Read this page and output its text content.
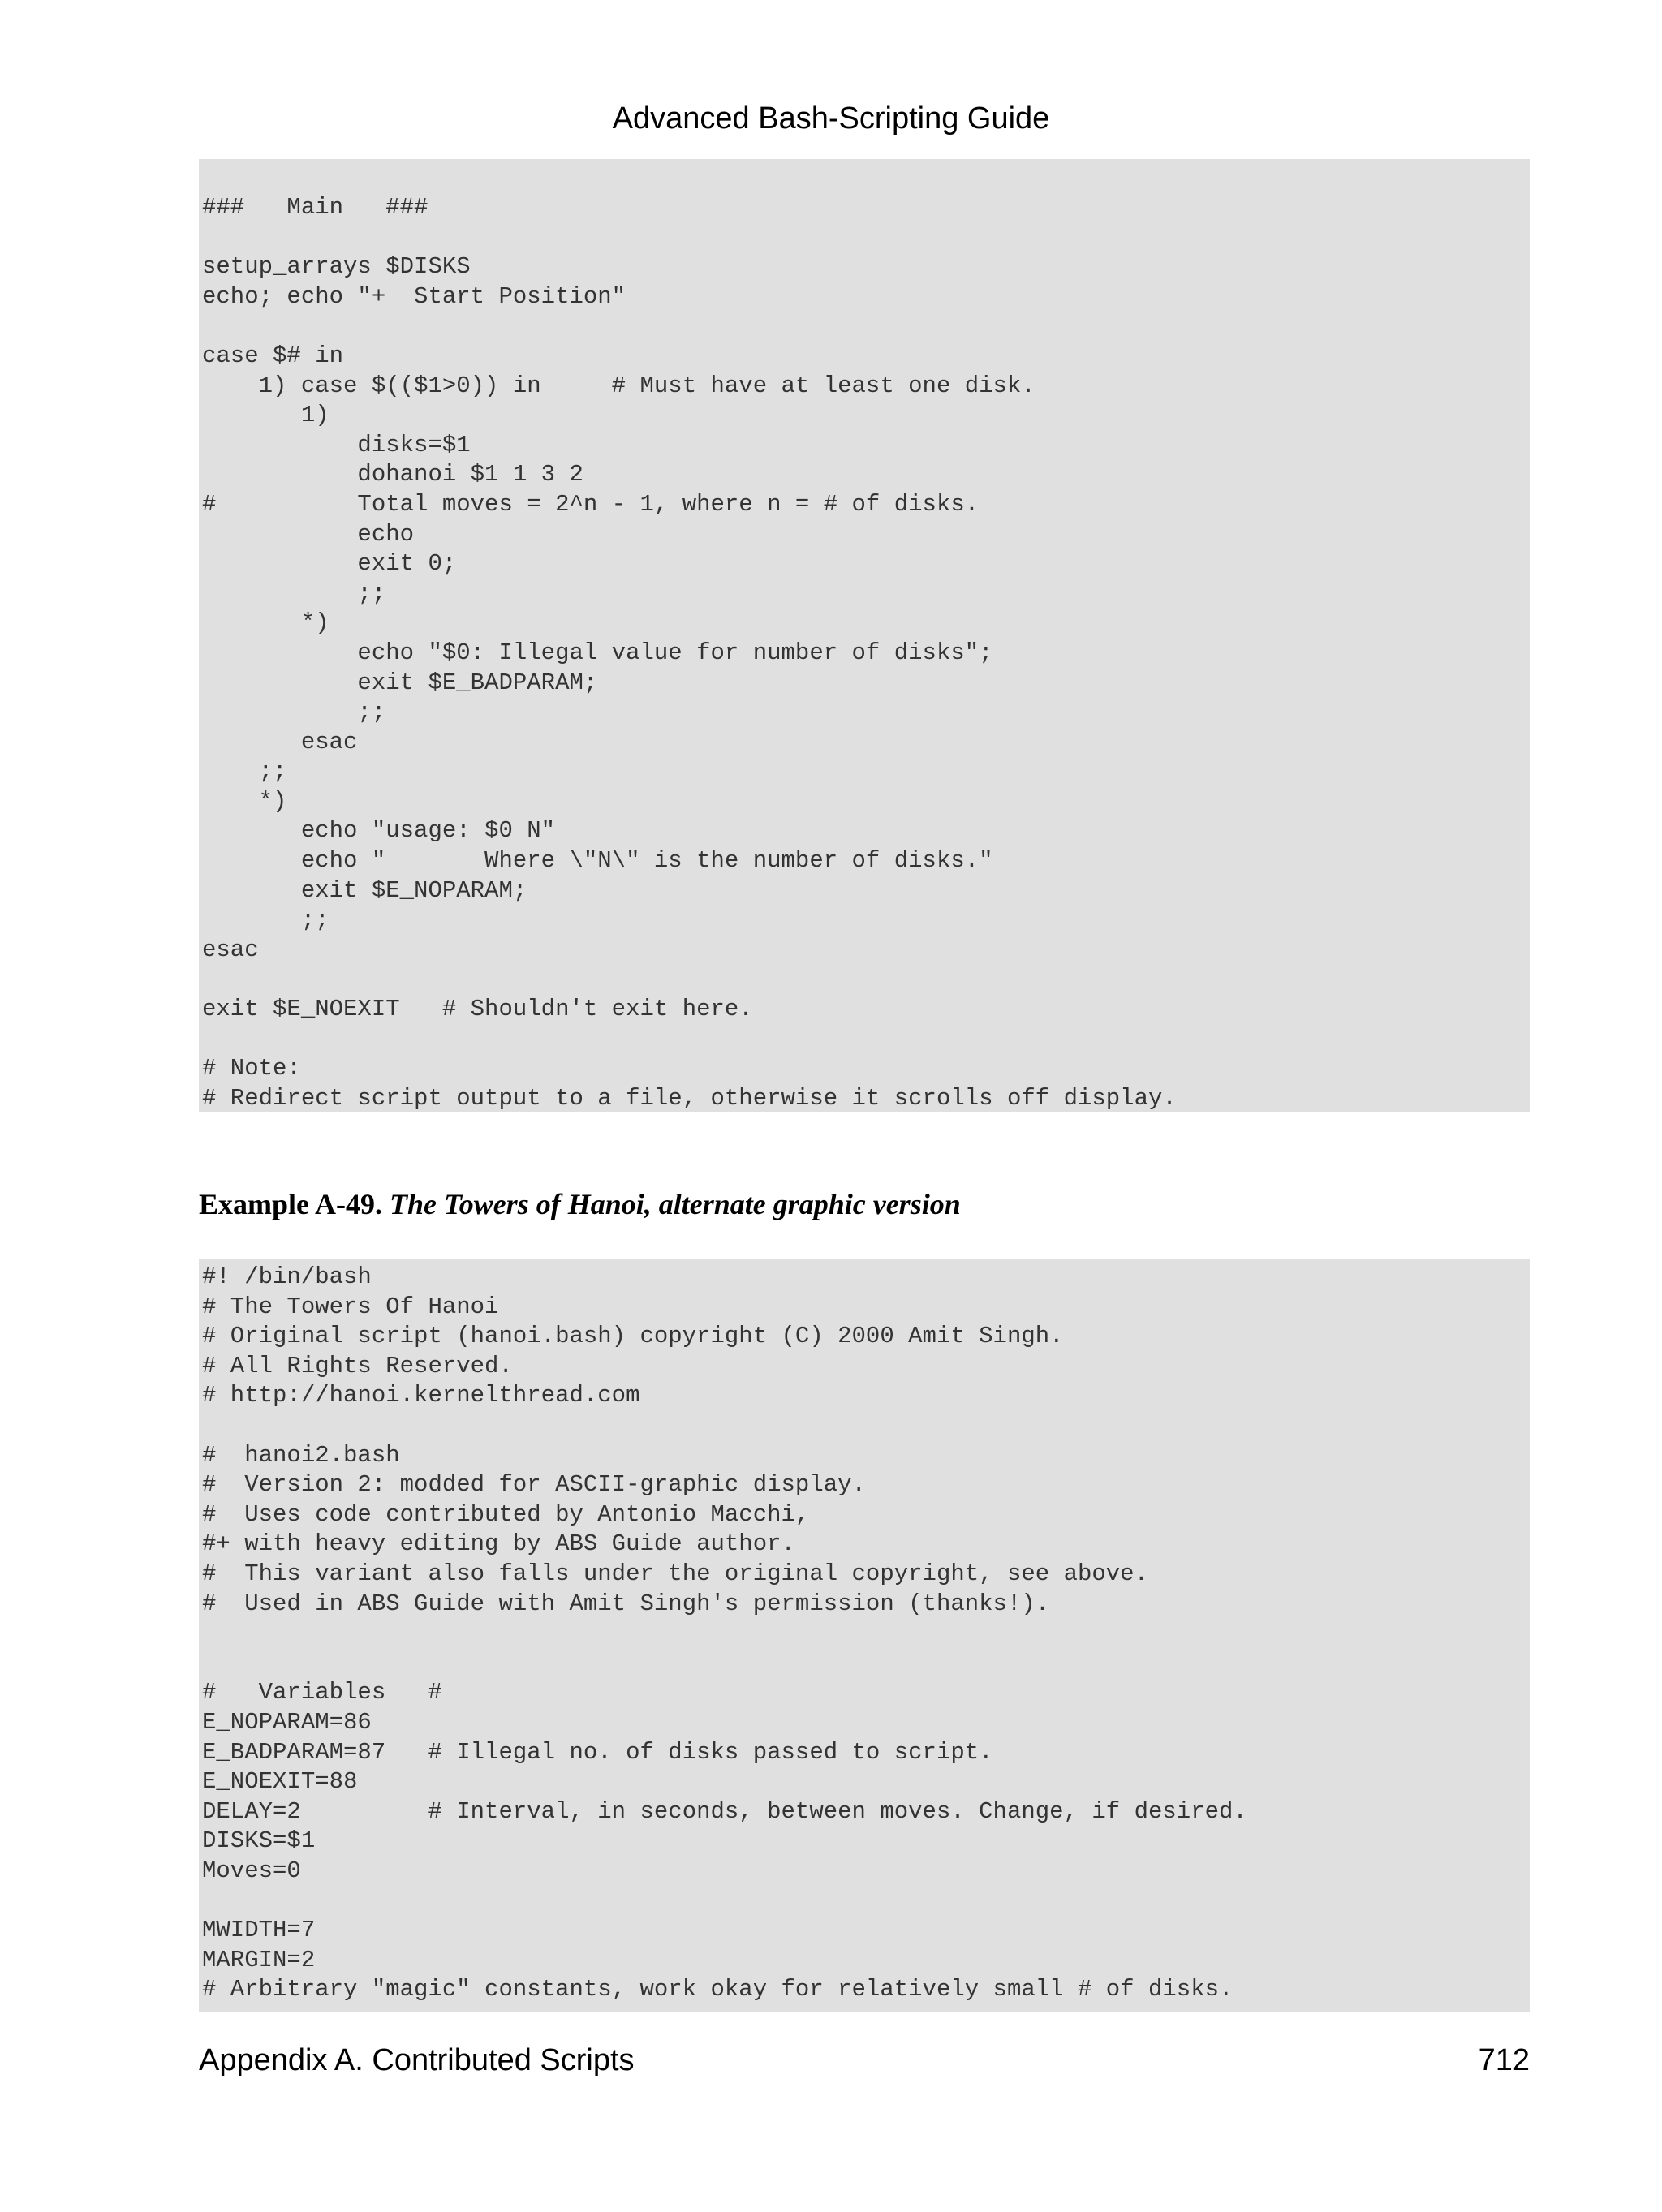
Advanced Bash-Scripting Guide
###   Main   ###

setup_arrays $DISKS
echo; echo "+  Start Position"

case $# in
1) case $(($1>0)) in     # Must have at least one disk.
1)
disks=$1
dohanoi $1 1 3 2
#          Total moves = 2^n - 1, where n = # of disks.
echo
exit 0;
;;
*)
echo "$0: Illegal value for number of disks";
exit $E_BADPARAM;
;;
esac
;;
*)
echo "usage: $0 N"
echo "       Where \"N\" is the number of disks."
exit $E_NOPARAM;
;;
esac

exit $E_NOEXIT   # Shouldn't exit here.

# Note:
# Redirect script output to a file, otherwise it scrolls off display.

Example A-49. The Towers of Hanoi, alternate graphic version

#! /bin/bash
# The Towers Of Hanoi
# Original script (hanoi.bash) copyright (C) 2000 Amit Singh.
# All Rights Reserved.
# http://hanoi.kernelthread.com

#  hanoi2.bash
#  Version 2: modded for ASCII-graphic display.
#  Uses code contributed by Antonio Macchi,
#+ with heavy editing by ABS Guide author.
#  This variant also falls under the original copyright, see above.
#  Used in ABS Guide with Amit Singh's permission (thanks!).

#   Variables   #
E_NOPARAM=86
E_BADPARAM=87   # Illegal no. of disks passed to script.
E_NOEXIT=88
DELAY=2         # Interval, in seconds, between moves. Change, if desired.
DISKS=$1
Moves=0

MWIDTH=7
MARGIN=2
# Arbitrary "magic" constants, work okay for relatively small # of disks.
Appendix A. Contributed Scripts	712
